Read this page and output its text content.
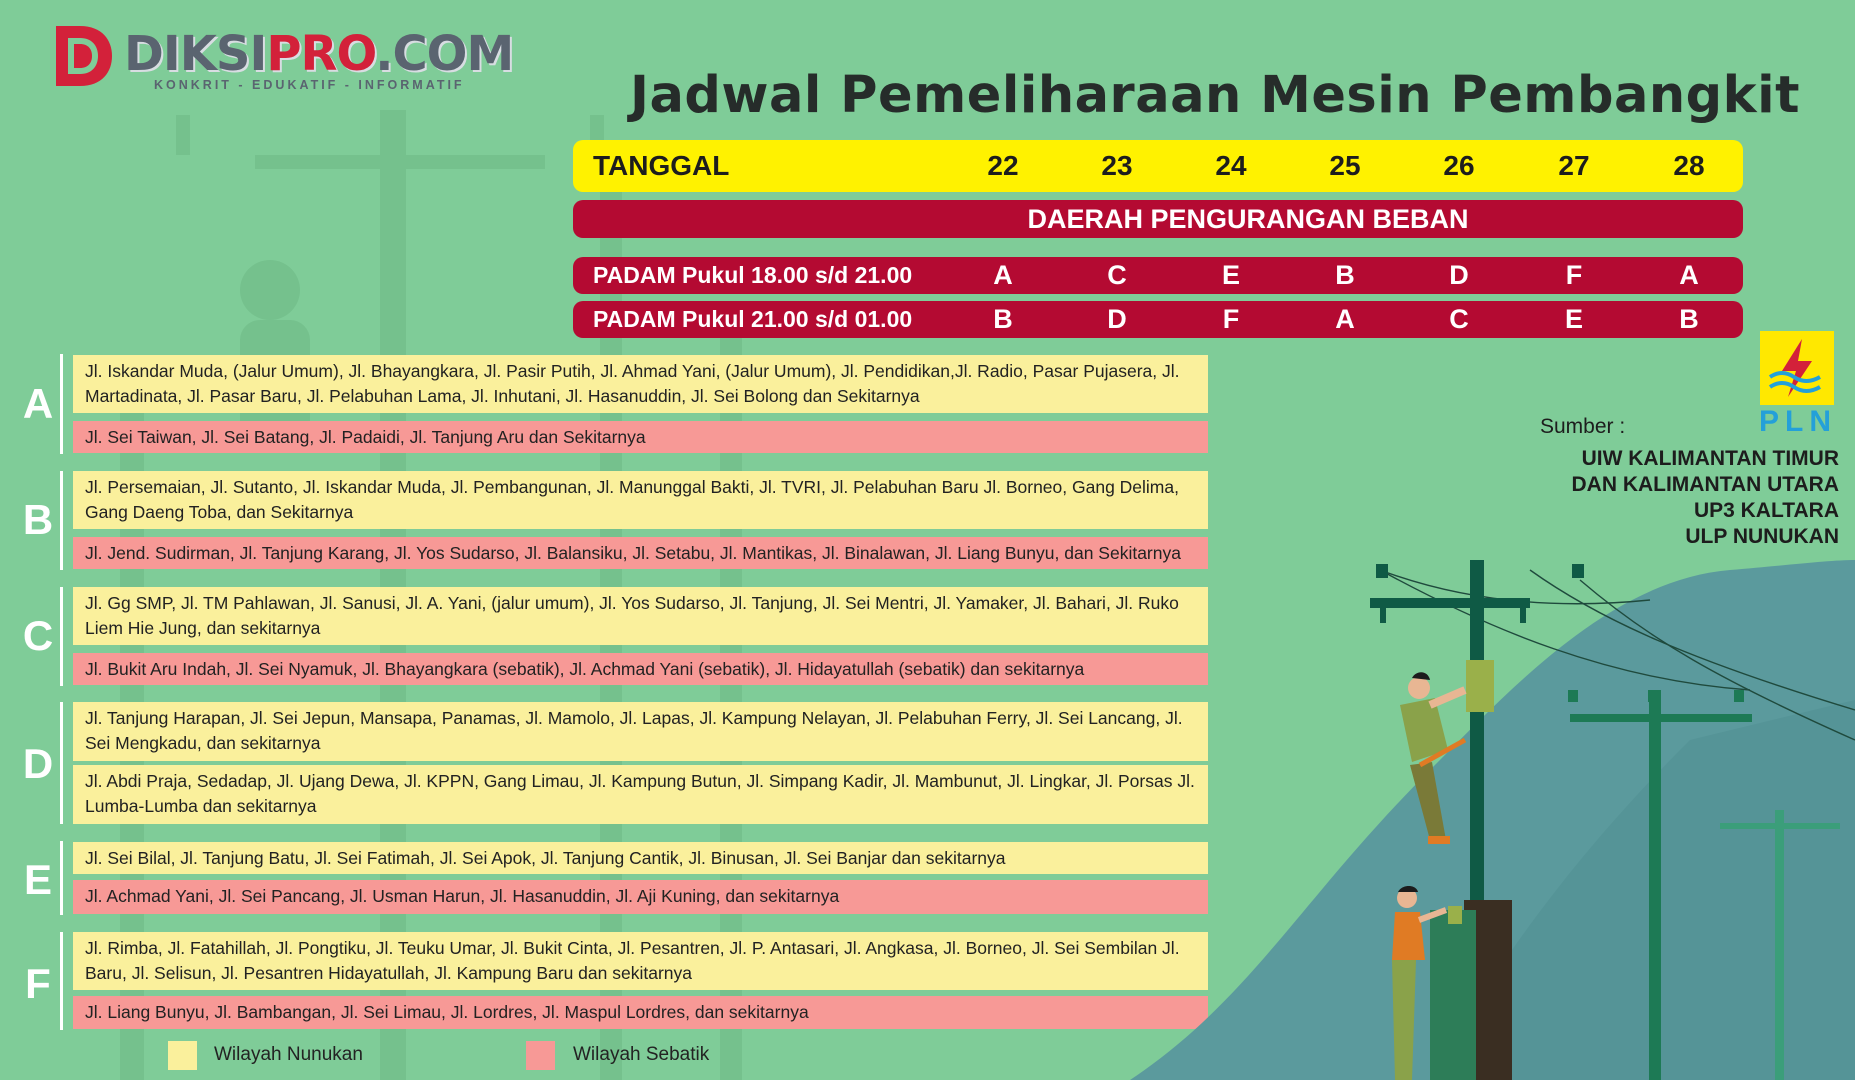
DIKSIPRO.COM
KONKRIT - EDUKATIF - INFORMATIF	Jadwal Pemeliharaan Mesin Pembangkit
TANGGAL	22	23	24	25	26	27	28
DAERAH PENGURANGAN BEBAN
PADAM Pukul 18.00 s/d 21.00	A	C	E	B	D	F	A
PADAM Pukul 21.00 s/d 01.00	B	D	F	A	C	E	B
A
Jl. Iskandar Muda, (Jalur Umum), Jl. Bhayangkara, Jl. Pasir Putih, Jl. Ahmad Yani, (Jalur Umum), Jl. Pendidikan,Jl. Radio, Pasar Pujasera, Jl. Martadinata, Jl. Pasar Baru, Jl. Pelabuhan Lama, Jl. Inhutani, Jl. Hasanuddin, Jl. Sei Bolong dan Sekitarnya
Jl. Sei Taiwan, Jl. Sei Batang, Jl. Padaidi, Jl. Tanjung Aru dan Sekitarnya
B
Jl. Persemaian, Jl. Sutanto, Jl. Iskandar Muda, Jl. Pembangunan, Jl. Manunggal Bakti, Jl. TVRI, Jl. Pelabuhan Baru Jl. Borneo, Gang Delima, Gang Daeng Toba, dan Sekitarnya
Jl. Jend. Sudirman, Jl. Tanjung Karang, Jl. Yos Sudarso, Jl. Balansiku, Jl. Setabu, Jl. Mantikas, Jl. Binalawan, Jl. Liang Bunyu, dan Sekitarnya
C
Jl. Gg SMP, Jl. TM Pahlawan, Jl. Sanusi, Jl. A. Yani, (jalur umum), Jl. Yos Sudarso, Jl. Tanjung, Jl. Sei Mentri, Jl. Yamaker, Jl. Bahari, Jl. Ruko Liem Hie Jung, dan sekitarnya
Jl. Bukit Aru Indah, Jl. Sei Nyamuk, Jl. Bhayangkara (sebatik), Jl. Achmad Yani (sebatik), Jl. Hidayatullah (sebatik) dan sekitarnya
D
Jl. Tanjung Harapan, Jl. Sei Jepun, Mansapa, Panamas, Jl. Mamolo, Jl. Lapas, Jl. Kampung Nelayan, Jl. Pelabuhan Ferry, Jl. Sei Lancang, Jl. Sei Mengkadu, dan sekitarnya
Jl. Abdi Praja, Sedadap, Jl. Ujang Dewa, Jl. KPPN, Gang Limau, Jl. Kampung Butun, Jl. Simpang Kadir, Jl. Mambunut, Jl. Lingkar, Jl. Porsas Jl. Lumba-Lumba dan sekitarnya
E	Jl. Sei Bilal, Jl. Tanjung Batu, Jl. Sei Fatimah, Jl. Sei Apok, Jl. Tanjung Cantik, Jl. Binusan, Jl. Sei Banjar dan sekitarnya
Jl. Achmad Yani, Jl. Sei Pancang, Jl. Usman Harun, Jl. Hasanuddin, Jl. Aji Kuning, dan sekitarnya
F
Jl. Rimba, Jl. Fatahillah, Jl. Pongtiku, Jl. Teuku Umar, Jl. Bukit Cinta, Jl. Pesantren, Jl. P. Antasari, Jl. Angkasa, Jl. Borneo, Jl. Sei Sembilan Jl. Baru, Jl. Selisun, Jl. Pesantren Hidayatullah, Jl. Kampung Baru dan sekitarnya
Jl. Liang Bunyu, Jl. Bambangan, Jl. Sei Limau, Jl. Lordres, Jl. Maspul Lordres, dan sekitarnya
Wilayah Nunukan	Wilayah Sebatik
PLN
Sumber :
UIW KALIMANTAN TIMUR
DAN KALIMANTAN UTARA
UP3 KALTARA
ULP NUNUKAN
